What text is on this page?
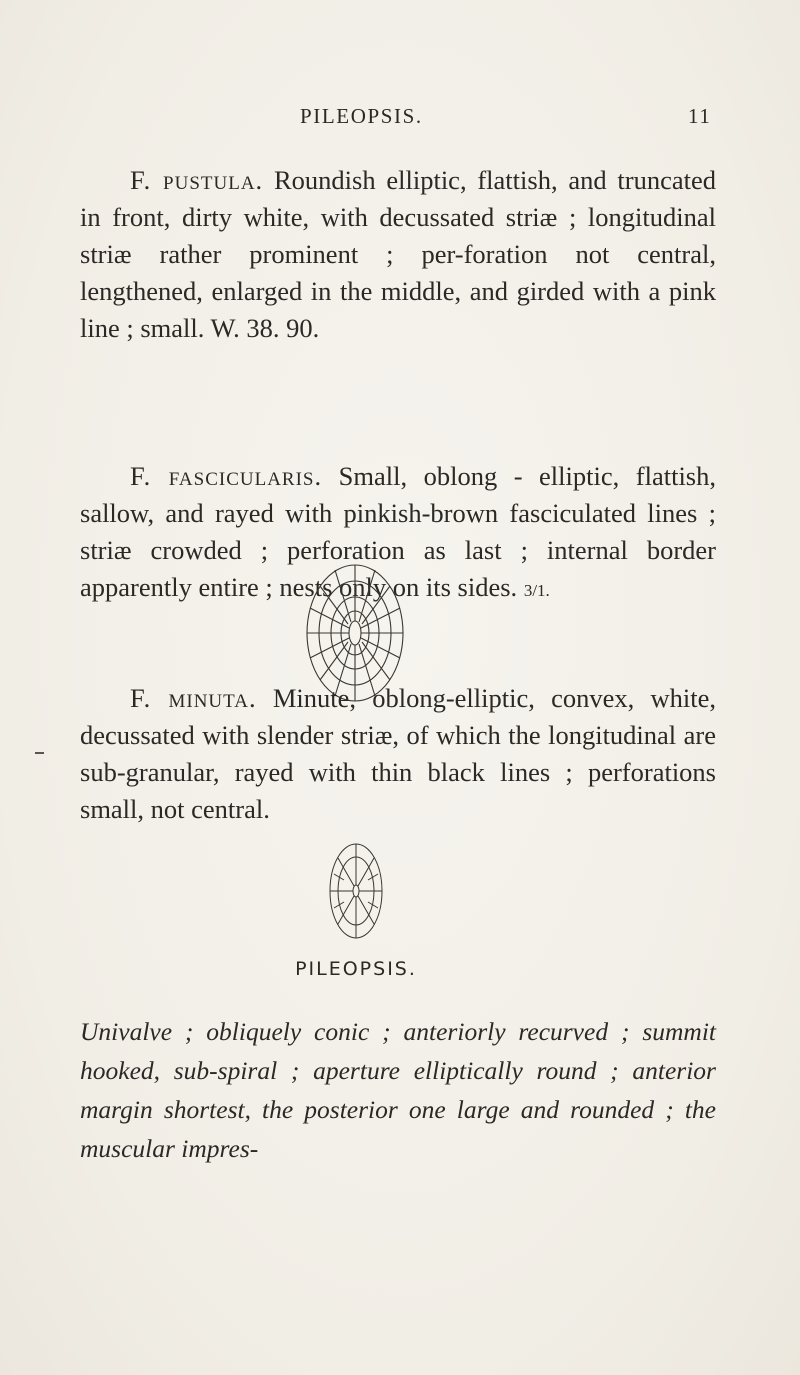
PILEOPSIS.	11
F. pustula. Roundish elliptic, flattish, and truncated in front, dirty white, with decussated striæ ; longitudinal striæ rather prominent ; per-foration not central, lengthened, enlarged in the middle, and girded with a pink line ; small. W. 38. 90.
F. fascicularis. Small, oblong - elliptic, flattish, sallow, and rayed with pinkish-brown fasciculated lines ; striæ crowded ; perforation as last ; internal border apparently entire ; nests only on its sides. 3/1.
F. minuta. Minute, oblong-elliptic, convex, white, decussated with slender striæ, of which the longitudinal are sub-granular, rayed with thin black lines ; perforations small, not central.
PILEOPSIS.
Univalve ; obliquely conic ; anteriorly recurved ; summit hooked, sub-spiral ; aperture elliptically round ; anterior margin shortest, the posterior one large and rounded ; the muscular impres-
